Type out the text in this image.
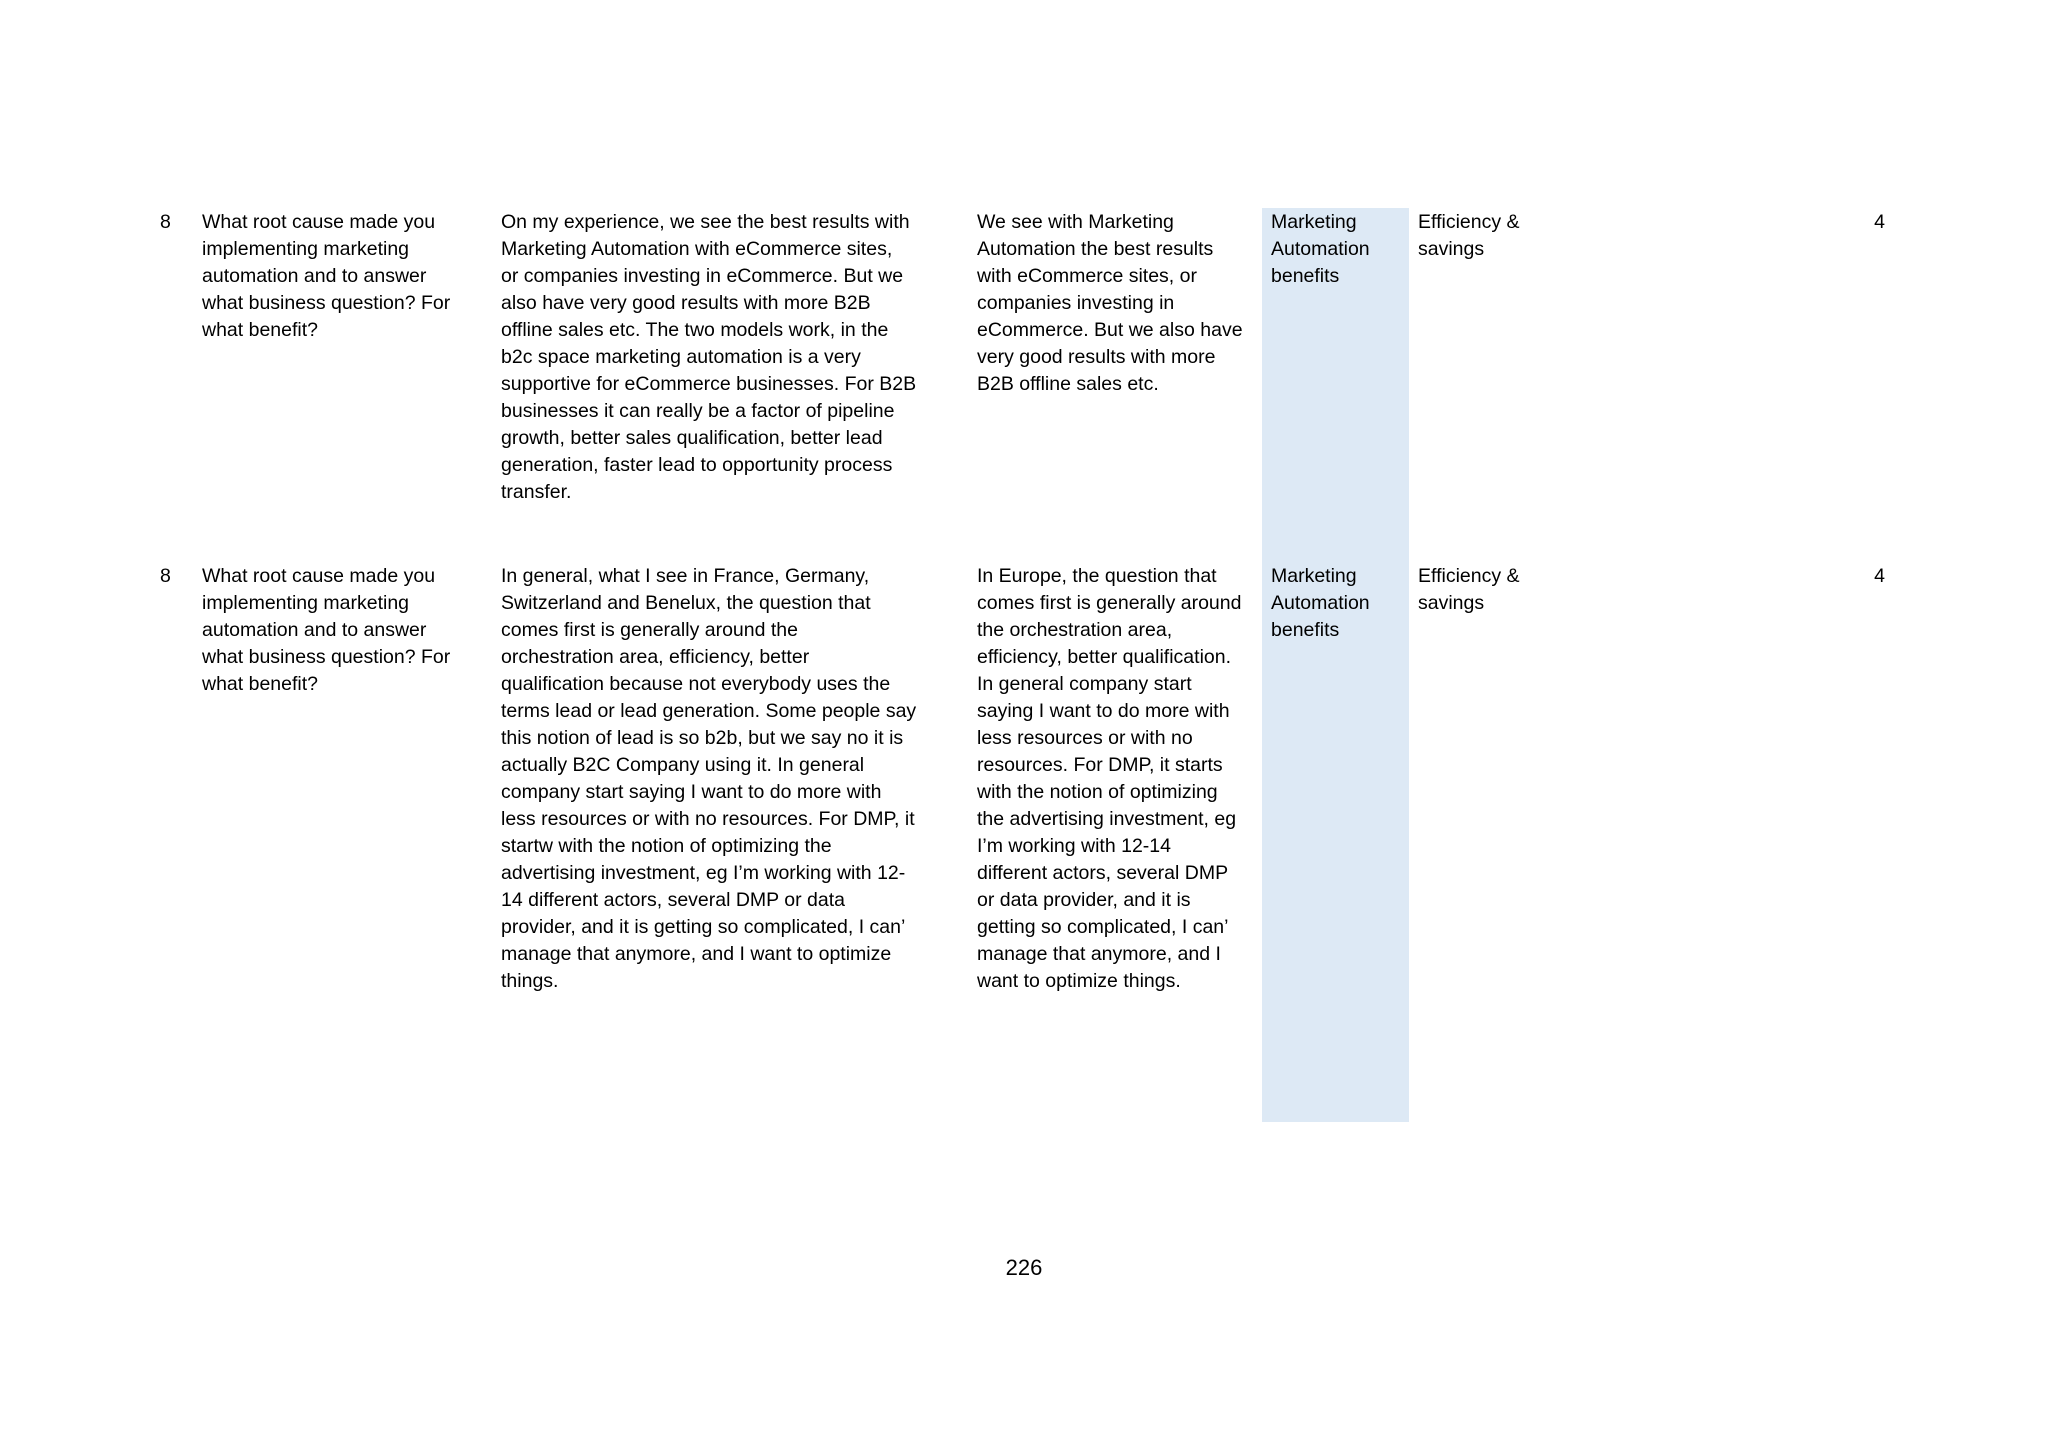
8	What root cause made you
implementing marketing
automation and to answer
what business question? For
what benefit?
On my experience, we see the best results with
Marketing Automation with eCommerce sites,
or companies investing in eCommerce. But we
also have very good results with more B2B
offline sales etc. The two models work, in the
b2c space marketing automation is a very
supportive for eCommerce businesses. For B2B
businesses it can really be a factor of pipeline
growth, better sales qualification, better lead
generation, faster lead to opportunity process
transfer.
We see with Marketing
Automation the best results
with eCommerce sites, or
companies investing in
eCommerce. But we also have
very good results with more
B2B offline sales etc.
Marketing
Automation
benefits
Efficiency &
savings
4
8	What root cause made you
implementing marketing
automation and to answer
what business question? For
what benefit?
In general, what I see in France, Germany,
Switzerland and Benelux, the question that
comes first is generally around the
orchestration area, efficiency, better
qualification because not everybody uses the
terms lead or lead generation. Some people say
this notion of lead is so b2b, but we say no it is
actually B2C Company using it. In general
company start saying I want to do more with
less resources or with no resources. For DMP, it
startw with the notion of optimizing the
advertising investment, eg I’m working with 12-
14 different actors, several DMP or data
provider, and it is getting so complicated, I can’
manage that anymore, and I want to optimize
things.
In Europe, the question that
comes first is generally around
the orchestration area,
efficiency, better qualification.
In general company start
saying I want to do more with
less resources or with no
resources. For DMP, it starts
with the notion of optimizing
the advertising investment, eg
I’m working with 12-14
different actors, several DMP
or data provider, and it is
getting so complicated, I can’
manage that anymore, and I
want to optimize things.
Marketing
Automation
benefits
Efficiency &
savings
4
226
